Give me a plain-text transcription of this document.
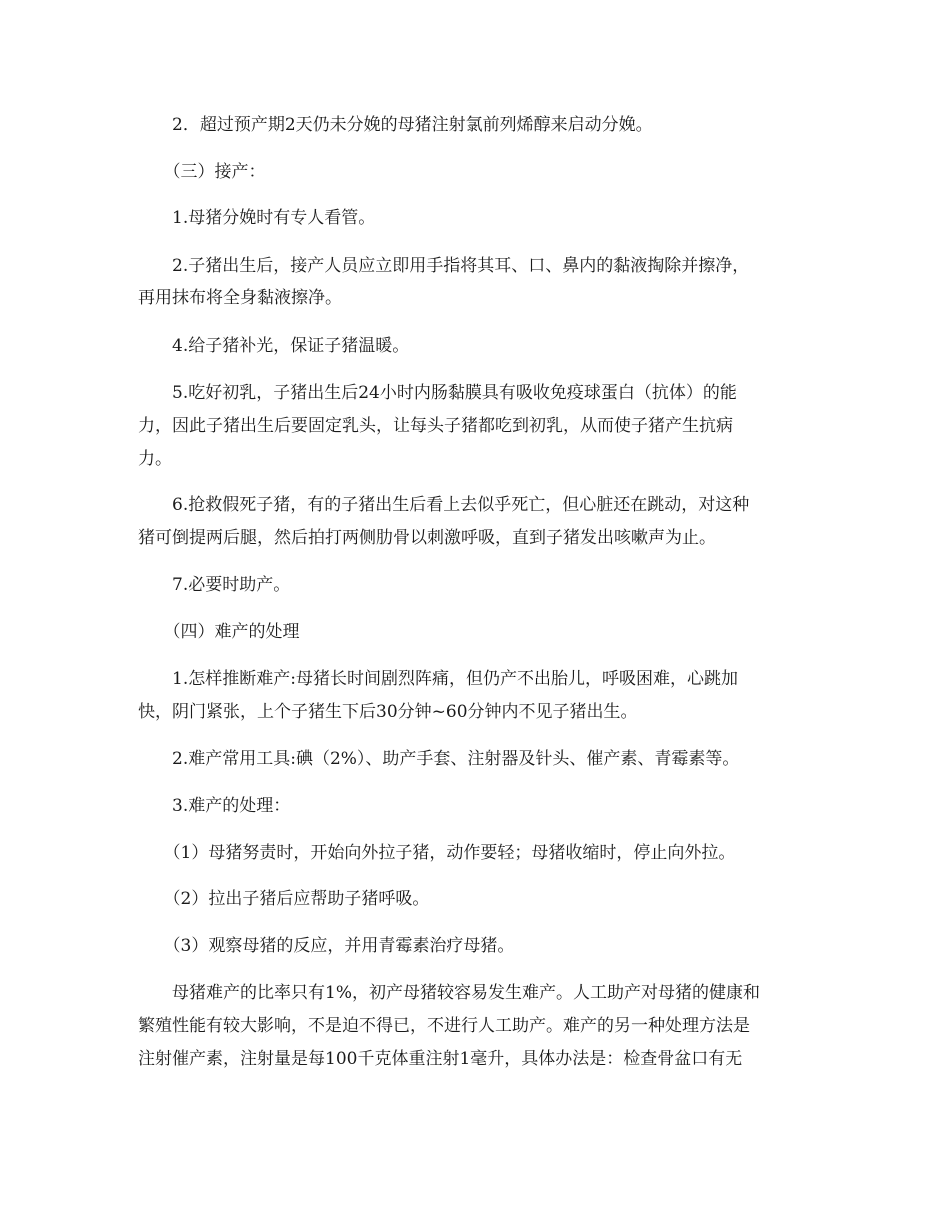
　　2．超过预产期2天仍未分娩的母猪注射氯前列烯醇来启动分娩。

　　（三）接产：

　　1.母猪分娩时有专人看管。

　　2.子猪出生后，接产人员应立即用手指将其耳、口、鼻内的黏液掏除并擦净，

再用抹布将全身黏液擦净。

　　4.给子猪补光，保证子猪温暖。

　　5.吃好初乳，子猪出生后24小时内肠黏膜具有吸收免疫球蛋白（抗体）的能

力，因此子猪出生后要固定乳头，让每头子猪都吃到初乳，从而使子猪产生抗病

力。

　　6.抢救假死子猪，有的子猪出生后看上去似乎死亡，但心脏还在跳动，对这种

猪可倒提两后腿，然后拍打两侧肋骨以刺激呼吸，直到子猪发出咳嗽声为止。

　　7.必要时助产。

　　（四）难产的处理

　　1.怎样推断难产:母猪长时间剧烈阵痛，但仍产不出胎儿，呼吸困难，心跳加

快，阴门紧张，上个子猪生下后30分钟~60分钟内不见子猪出生。

　　2.难产常用工具:碘（2%）、助产手套、注射器及针头、催产素、青霉素等。

　　3.难产的处理：

　　（1）母猪努责时，开始向外拉子猪，动作要轻；母猪收缩时，停止向外拉。

　　（2）拉出子猪后应帮助子猪呼吸。

　　（3）观察母猪的反应，并用青霉素治疗母猪。

　　母猪难产的比率只有1%，初产母猪较容易发生难产。人工助产对母猪的健康和

繁殖性能有较大影响，不是迫不得已，不进行人工助产。难产的另一种处理方法是

注射催产素，注射量是每100千克体重注射1毫升，具体办法是：检查骨盆口有无
